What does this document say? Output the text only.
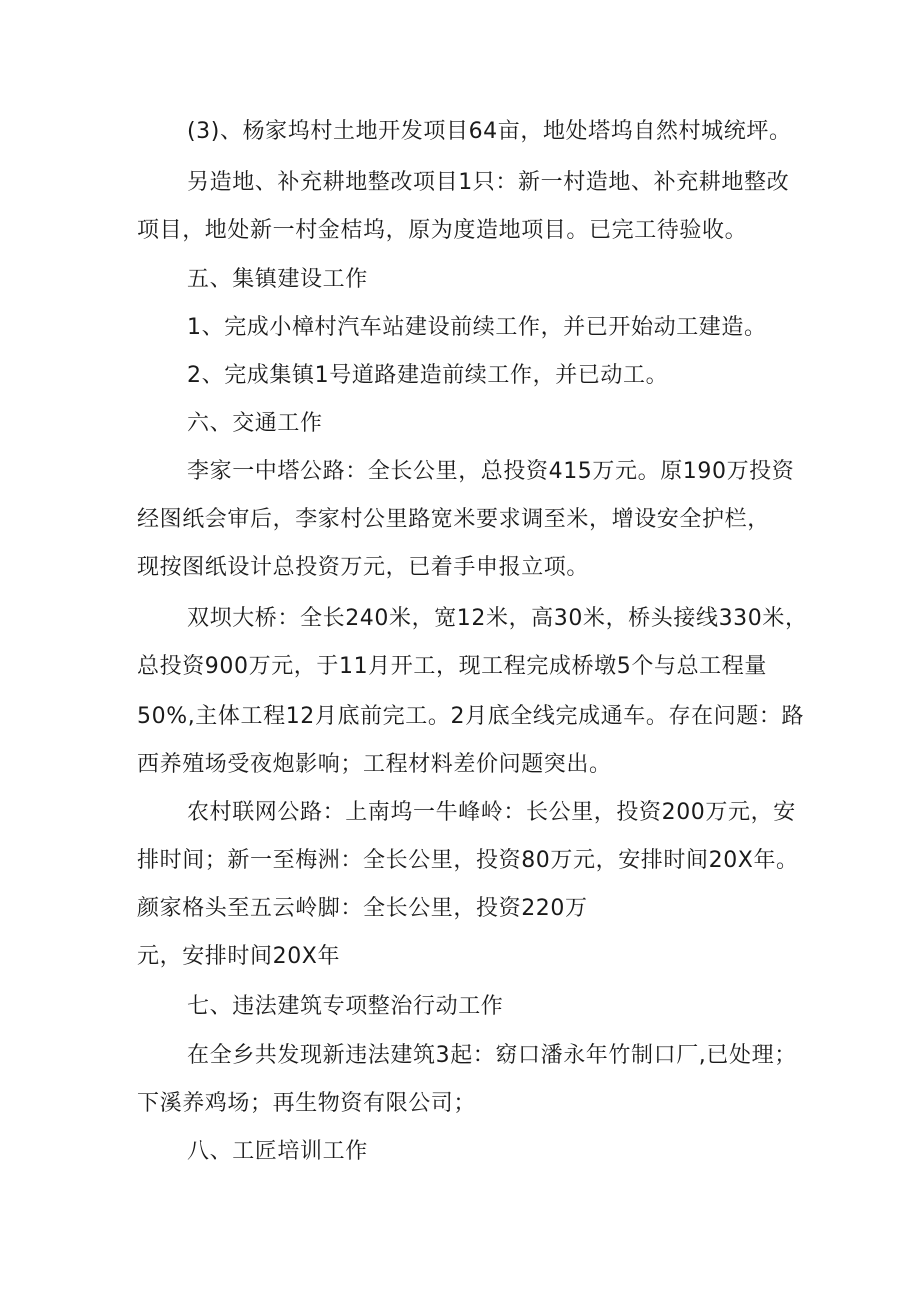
(3)、杨家坞村土地开发项目64亩，地处塔坞自然村城统坪。
另造地、补充耕地整改项目1只：新一村造地、补充耕地整改
项目，地处新一村金桔坞，原为度造地项目。已完工待验收。
五、集镇建设工作
1、完成小樟村汽车站建设前续工作，并已开始动工建造。
2、完成集镇1号道路建造前续工作，并已动工。
六、交通工作
李家一中塔公路：全长公里，总投资415万元。原190万投资
经图纸会审后，李家村公里路宽米要求调至米，增设安全护栏，
现按图纸设计总投资万元，已着手申报立项。
双坝大桥：全长240米，宽12米，高30米，桥头接线330米，
总投资900万元，于11月开工，现工程完成桥墩5个与总工程量
50%,主体工程12月底前完工。2月底全线完成通车。存在问题：路
西养殖场受夜炮影响；工程材料差价问题突出。
农村联网公路：上南坞一牛峰岭：长公里，投资200万元，安
排时间；新一至梅洲：全长公里，投资80万元，安排时间20X年。
颜家格头至五云岭脚：全长公里，投资220万
元，安排时间20X年
七、违法建筑专项整治行动工作
在全乡共发现新违法建筑3起：窈口潘永年竹制口厂,已处理；
下溪养鸡场；再生物资有限公司；
八、工匠培训工作
